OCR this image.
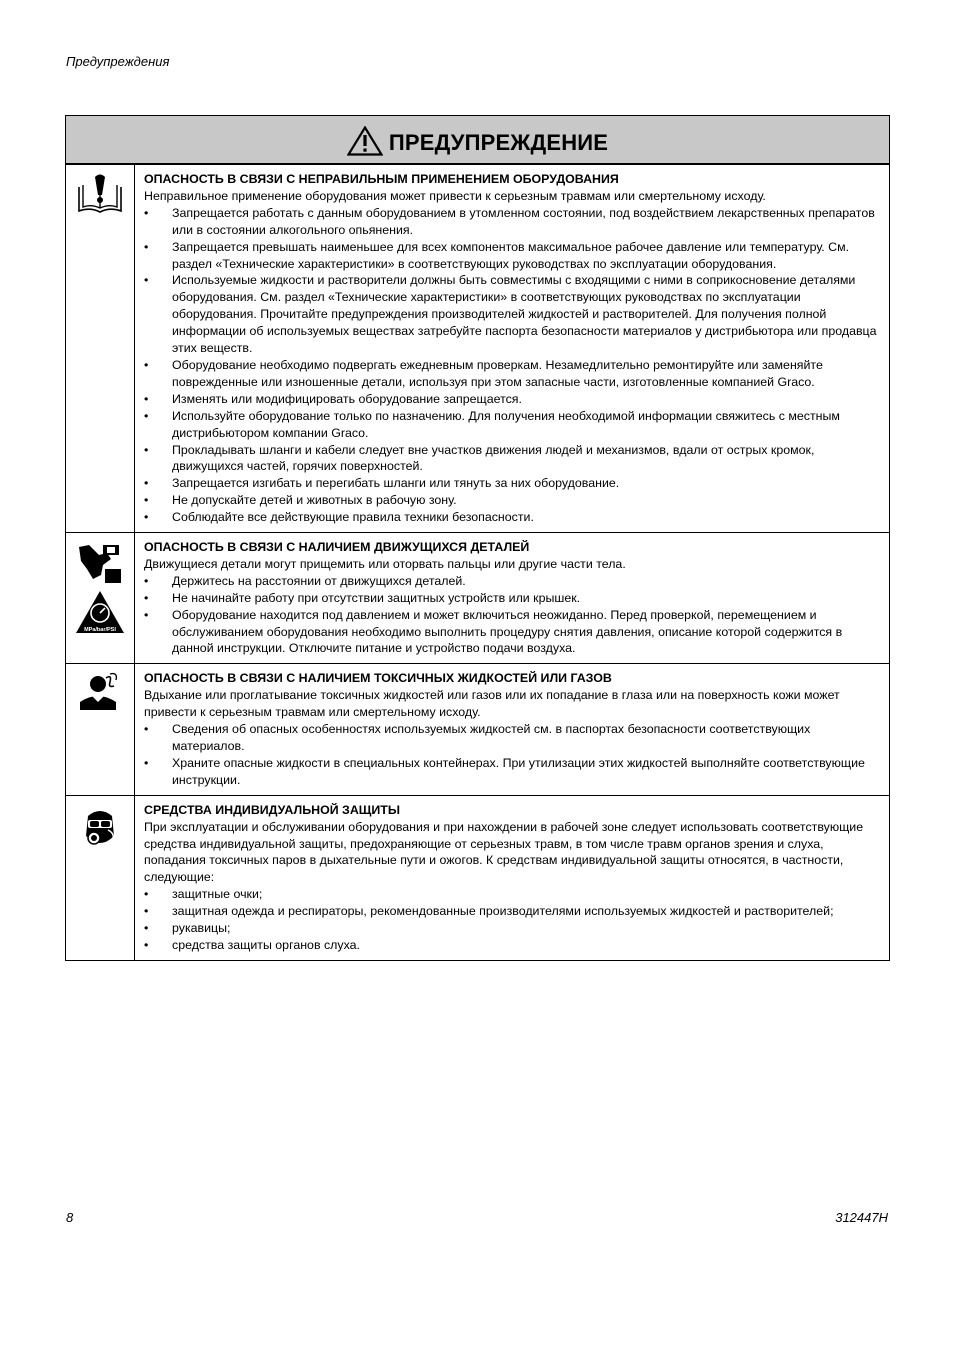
Предупреждения
ПРЕДУПРЕЖДЕНИЕ
ОПАСНОСТЬ В СВЯЗИ С НЕПРАВИЛЬНЫМ ПРИМЕНЕНИЕМ ОБОРУДОВАНИЯ
Неправильное применение оборудования может привести к серьезным травмам или смертельному исходу.
• Запрещается работать с данным оборудованием в утомленном состоянии, под воздействием лекарственных препаратов или в состоянии алкогольного опьянения.
• Запрещается превышать наименьшее для всех компонентов максимальное рабочее давление или температуру. См. раздел «Технические характеристики» в соответствующих руководствах по эксплуатации оборудования.
• Используемые жидкости и растворители должны быть совместимы с входящими с ними в соприкосновение деталями оборудования. См. раздел «Технические характеристики» в соответствующих руководствах по эксплуатации оборудования. Прочитайте предупреждения производителей жидкостей и растворителей. Для получения полной информации об используемых веществах затребуйте паспорта безопасности материалов у дистрибьютора или продавца этих веществ.
• Оборудование необходимо подвергать ежедневным проверкам. Незамедлительно ремонтируйте или заменяйте поврежденные или изношенные детали, используя при этом запасные части, изготовленные компанией Graco.
• Изменять или модифицировать оборудование запрещается.
• Используйте оборудование только по назначению. Для получения необходимой информации свяжитесь с местным дистрибьютором компании Graco.
• Прокладывать шланги и кабели следует вне участков движения людей и механизмов, вдали от острых кромок, движущихся частей, горячих поверхностей.
• Запрещается изгибать и перегибать шланги или тянуть за них оборудование.
• Не допускайте детей и животных в рабочую зону.
• Соблюдайте все действующие правила техники безопасности.
MPa/bar/PSI
ОПАСНОСТЬ В СВЯЗИ С НАЛИЧИЕМ ДВИЖУЩИХСЯ ДЕТАЛЕЙ
Движущиеся детали могут прищемить или оторвать пальцы или другие части тела.
• Держитесь на расстоянии от движущихся деталей.
• Не начинайте работу при отсутствии защитных устройств или крышек.
• Оборудование находится под давлением и может включиться неожиданно. Перед проверкой, перемещением и обслуживанием оборудования необходимо выполнить процедуру снятия давления, описание которой содержится в данной инструкции. Отключите питание и устройство подачи воздуха.
ОПАСНОСТЬ В СВЯЗИ С НАЛИЧИЕМ ТОКСИЧНЫХ ЖИДКОСТЕЙ ИЛИ ГАЗОВ
Вдыхание или проглатывание токсичных жидкостей или газов или их попадание в глаза или на поверхность кожи может привести к серьезным травмам или смертельному исходу.
• Сведения об опасных особенностях используемых жидкостей см. в паспортах безопасности соответствующих материалов.
• Храните опасные жидкости в специальных контейнерах. При утилизации этих жидкостей выполняйте соответствующие инструкции.
СРЕДСТВА ИНДИВИДУАЛЬНОЙ ЗАЩИТЫ
При эксплуатации и обслуживании оборудования и при нахождении в рабочей зоне следует использовать соответствующие средства индивидуальной защиты, предохраняющие от серьезных травм, в том числе травм органов зрения и слуха, попадания токсичных паров в дыхательные пути и ожогов. К средствам индивидуальной защиты относятся, в частности, следующие:
• защитные очки;
• защитная одежда и респираторы, рекомендованные производителями используемых жидкостей и растворителей;
• рукавицы;
• средства защиты органов слуха.
8	312447H
